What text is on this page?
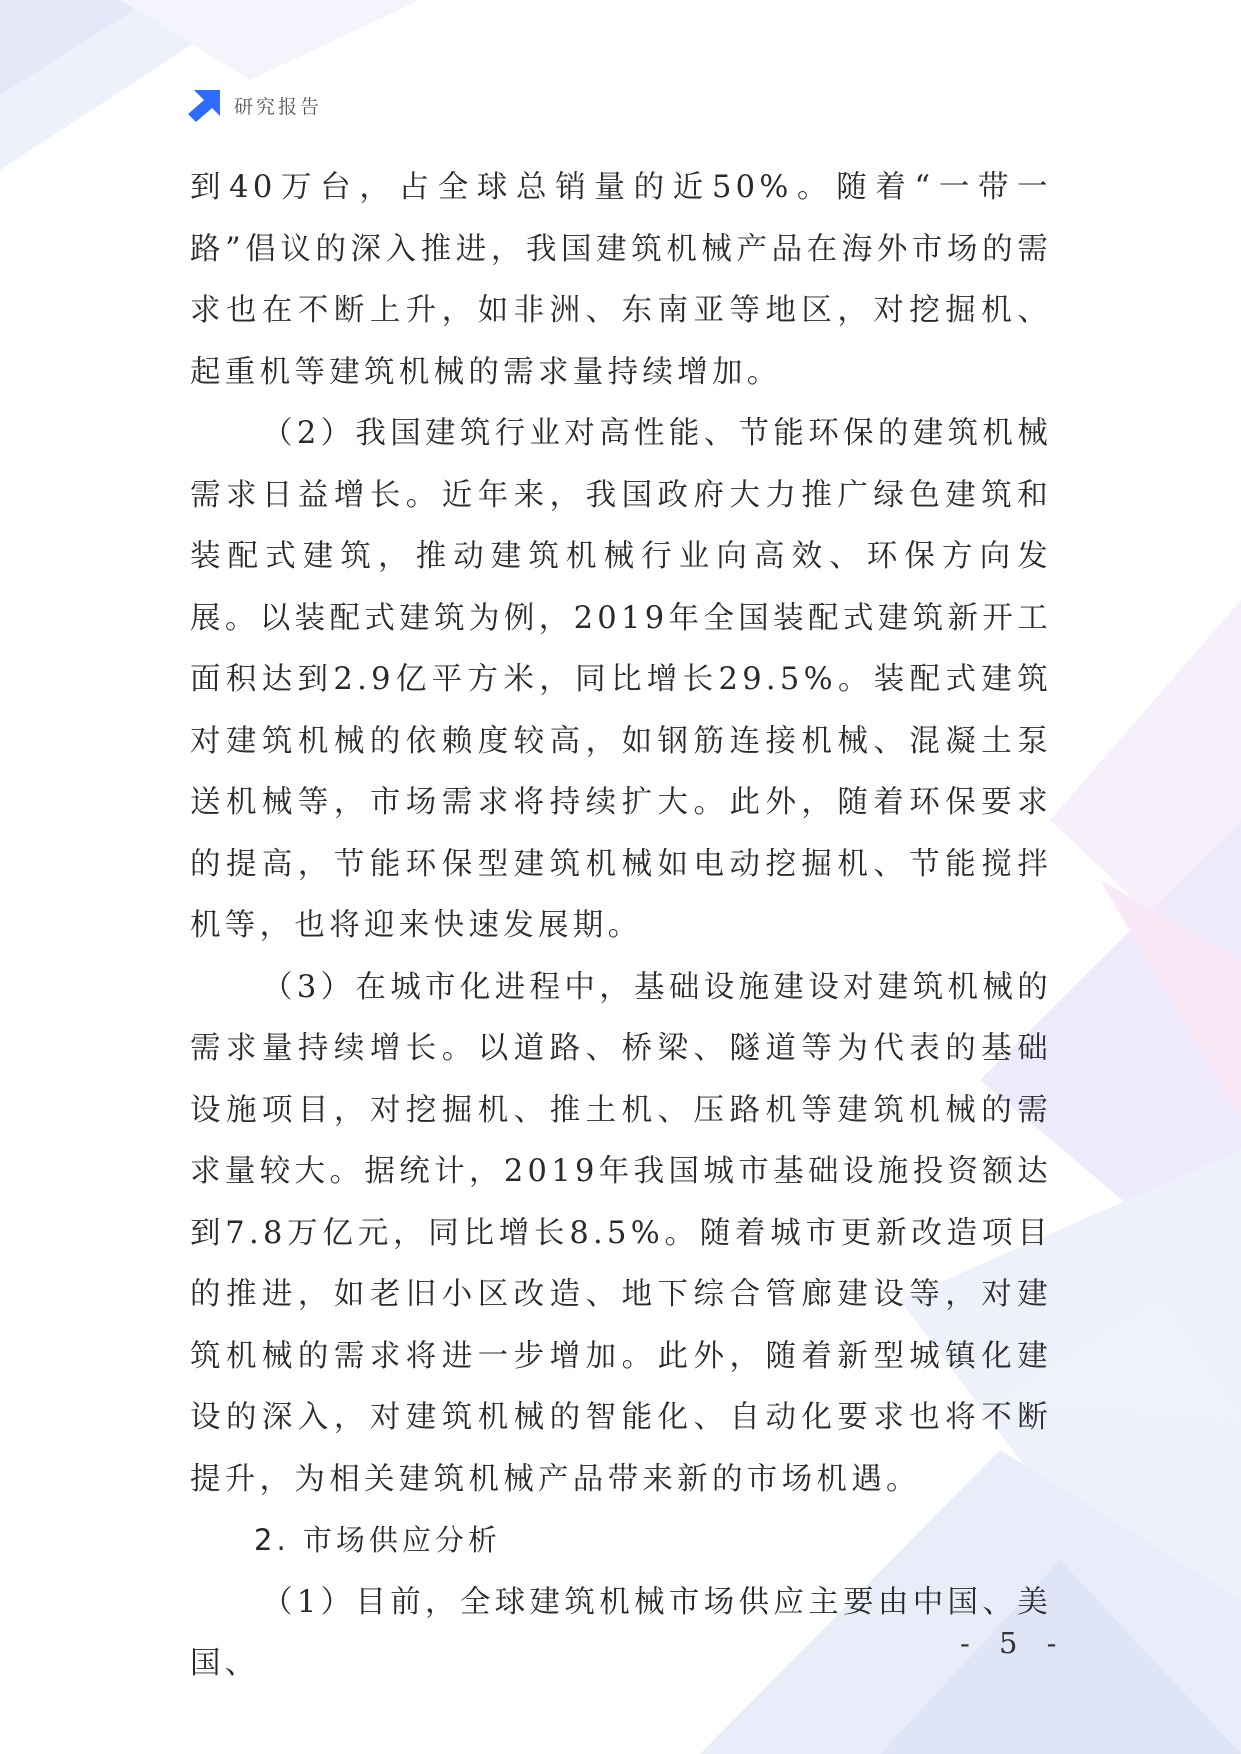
研究报告

到40万台，占全球总销量的近50%。随着“一带一路”倡议的深入推进，我国建筑机械产品在海外市场的需求也在不断上升，如非洲、东南亚等地区，对挖掘机、起重机等建筑机械的需求量持续增加。

（2）我国建筑行业对高性能、节能环保的建筑机械需求日益增长。近年来，我国政府大力推广绿色建筑和装配式建筑，推动建筑机械行业向高效、环保方向发展。以装配式建筑为例，2019年全国装配式建筑新开工面积达到2.9亿平方米，同比增长29.5%。装配式建筑对建筑机械的依赖度较高，如钢筋连接机械、混凝土泵送机械等，市场需求将持续扩大。此外，随着环保要求的提高，节能环保型建筑机械如电动挖掘机、节能搅拌机等，也将迎来快速发展期。

（3）在城市化进程中，基础设施建设对建筑机械的需求量持续增长。以道路、桥梁、隧道等为代表的基础设施项目，对挖掘机、推土机、压路机等建筑机械的需求量较大。据统计，2019年我国城市基础设施投资额达到7.8万亿元，同比增长8.5%。随着城市更新改造项目的推进，如老旧小区改造、地下综合管廊建设等，对建筑机械的需求将进一步增加。此外，随着新型城镇化建设的深入，对建筑机械的智能化、自动化要求也将不断提升，为相关建筑机械产品带来新的市场机遇。

2. 市场供应分析

（1）目前，全球建筑机械市场供应主要由中国、美国、

- 5 -
